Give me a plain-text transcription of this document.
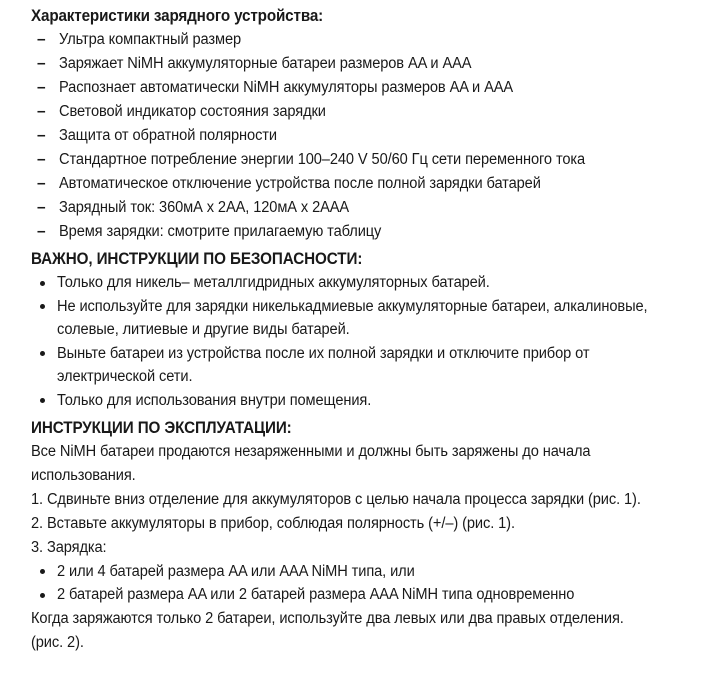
Характеристики зарядного устройства:

– Ультра компактный размер
– Заряжает NiMH аккумуляторные батареи размеров AA и AAA
– Распознает автоматически NiMH аккумуляторы размеров AA и AAA
– Световой индикатор состояния зарядки
– Защита от обратной полярности
– Стандартное потребление энергии 100–240 V 50/60 Гц сети переменного тока
– Автоматическое отключение устройства после полной зарядки батарей
– Зарядный ток: 360мА х 2АА, 120мА х 2ААА
– Время зарядки: смотрите прилагаемую таблицу

ВАЖНО, ИНСТРУКЦИИ ПО БЕЗОПАСНОСТИ:

Только для никель– металлгидридных аккумуляторных батарей.
Не используйте для зарядки никелькадмиевые аккумуляторные батареи, алкалиновые, солевые, литиевые и другие виды батарей.
Выньте батареи из устройства после их полной зарядки и отключите прибор от электрической сети.
Только для использования внутри помещения.

ИНСТРУКЦИИ ПО ЭКСПЛУАТАЦИИ:

Все NiMH батареи продаются незаряженными и должны быть заряжены до начала использования.

1. Сдвиньте вниз отделение для аккумуляторов с целью начала процесса зарядки (рис. 1).

2. Вставьте аккумуляторы в прибор, соблюдая полярность (+/–) (рис. 1).

3. Зарядка:

2 или 4 батарей размера AA или AAA NiMH типа, или
2 батарей размера AA или 2 батарей размера AAA NiMH типа одновременно

Когда заряжаются только 2 батареи, используйте два левых или два правых отделения.

(рис. 2).
